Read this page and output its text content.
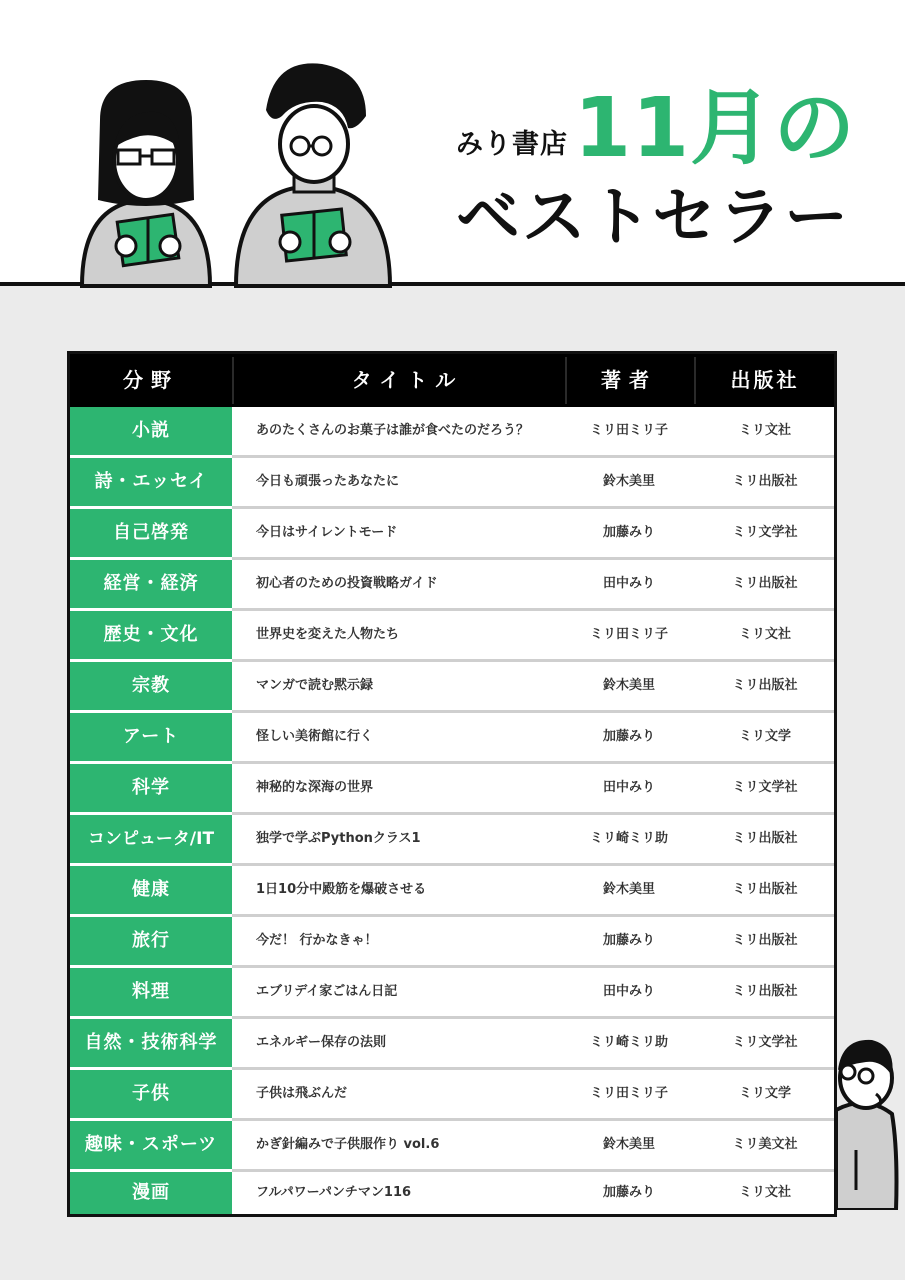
みり書店 11月の
ベストセラー
分野	タイトル	著者	出版社
小説	あのたくさんのお菓子は誰が食べたのだろう？	ミリ田ミリ子	ミリ文社
詩・エッセイ	今日も頑張ったあなたに	鈴木美里	ミリ出版社
自己啓発	今日はサイレントモード	加藤みり	ミリ文学社
経営・経済	初心者のための投資戦略ガイド	田中みり	ミリ出版社
歴史・文化	世界史を変えた人物たち	ミリ田ミリ子	ミリ文社
宗教	マンガで読む黙示録	鈴木美里	ミリ出版社
アート	怪しい美術館に行く	加藤みり	ミリ文学
科学	神秘的な深海の世界	田中みり	ミリ文学社
コンピュータ/IT	独学で学ぶPythonクラス1	ミリ崎ミリ助	ミリ出版社
健康	1日10分中殿筋を爆破させる	鈴木美里	ミリ出版社
旅行	今だ！ 行かなきゃ！	加藤みり	ミリ出版社
料理	エブリデイ家ごはん日記	田中みり	ミリ出版社
自然・技術科学	エネルギー保存の法則	ミリ崎ミリ助	ミリ文学社
子供	子供は飛ぶんだ	ミリ田ミリ子	ミリ文学
趣味・スポーツ	かぎ針編みで子供服作り vol.6	鈴木美里	ミリ美文社
漫画	フルパワーパンチマン116	加藤みり	ミリ文社
